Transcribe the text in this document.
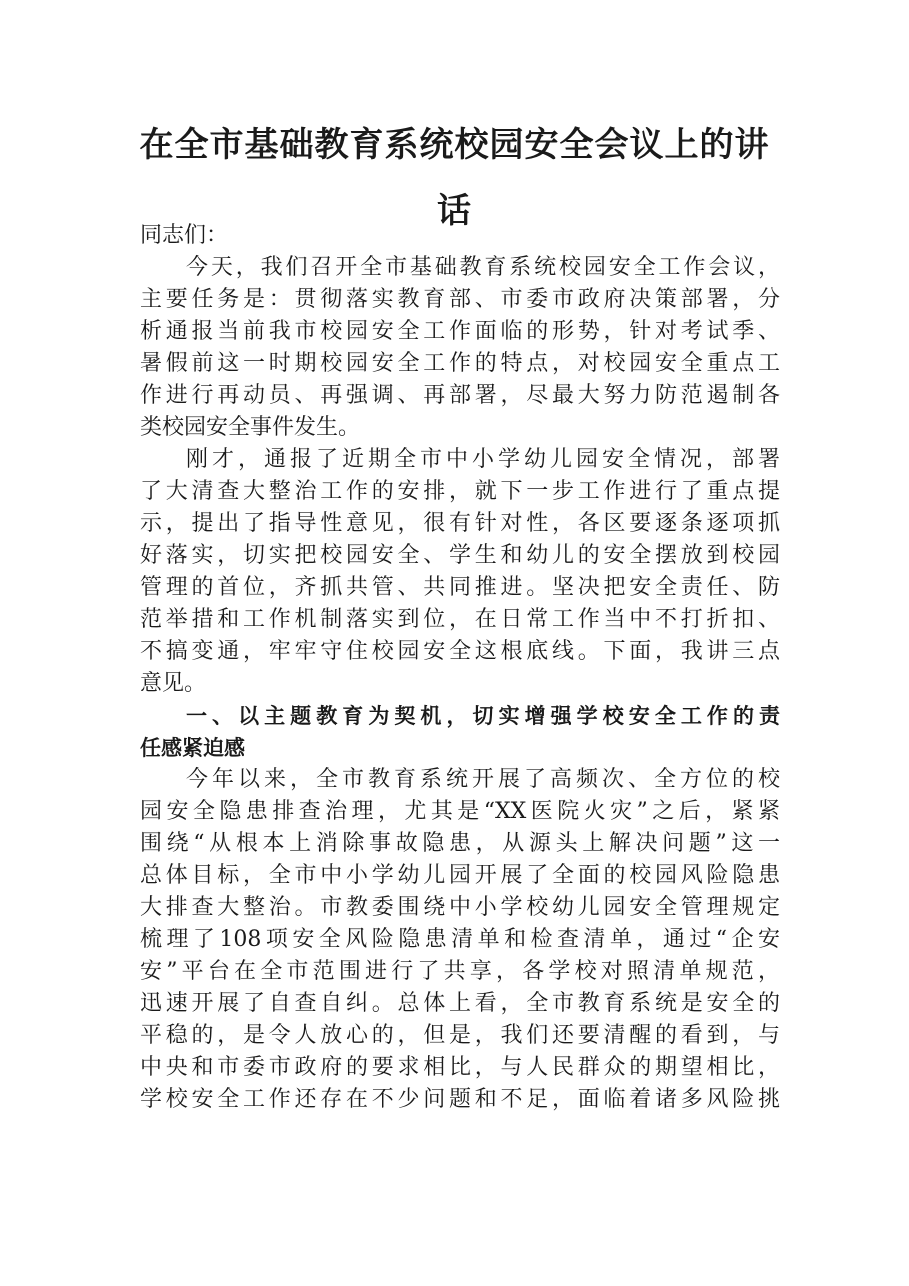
在全市基础教育系统校园安全会议上的讲
话
同志们：
今天，我们召开全市基础教育系统校园安全工作会议，
主要任务是：贯彻落实教育部、市委市政府决策部署，分
析通报当前我市校园安全工作面临的形势，针对考试季、
暑假前这一时期校园安全工作的特点，对校园安全重点工
作进行再动员、再强调、再部署，尽最大努力防范遏制各
类校园安全事件发生。
刚才，通报了近期全市中小学幼儿园安全情况，部署
了大清查大整治工作的安排，就下一步工作进行了重点提
示，提出了指导性意见，很有针对性，各区要逐条逐项抓
好落实，切实把校园安全、学生和幼儿的安全摆放到校园
管理的首位，齐抓共管、共同推进。坚决把安全责任、防
范举措和工作机制落实到位，在日常工作当中不打折扣、
不搞变通，牢牢守住校园安全这根底线。下面，我讲三点
意见。
一、以主题教育为契机，切实增强学校安全工作的责
任感紧迫感
今年以来，全市教育系统开展了高频次、全方位的校
园安全隐患排查治理，尤其是“XX医院火灾”之后，紧紧
围绕“从根本上消除事故隐患，从源头上解决问题”这一
总体目标，全市中小学幼儿园开展了全面的校园风险隐患
大排查大整治。市教委围绕中小学校幼儿园安全管理规定
梳理了108项安全风险隐患清单和检查清单，通过“企安
安”平台在全市范围进行了共享，各学校对照清单规范，
迅速开展了自查自纠。总体上看，全市教育系统是安全的
平稳的，是令人放心的，但是，我们还要清醒的看到，与
中央和市委市政府的要求相比，与人民群众的期望相比，
学校安全工作还存在不少问题和不足，面临着诸多风险挑
